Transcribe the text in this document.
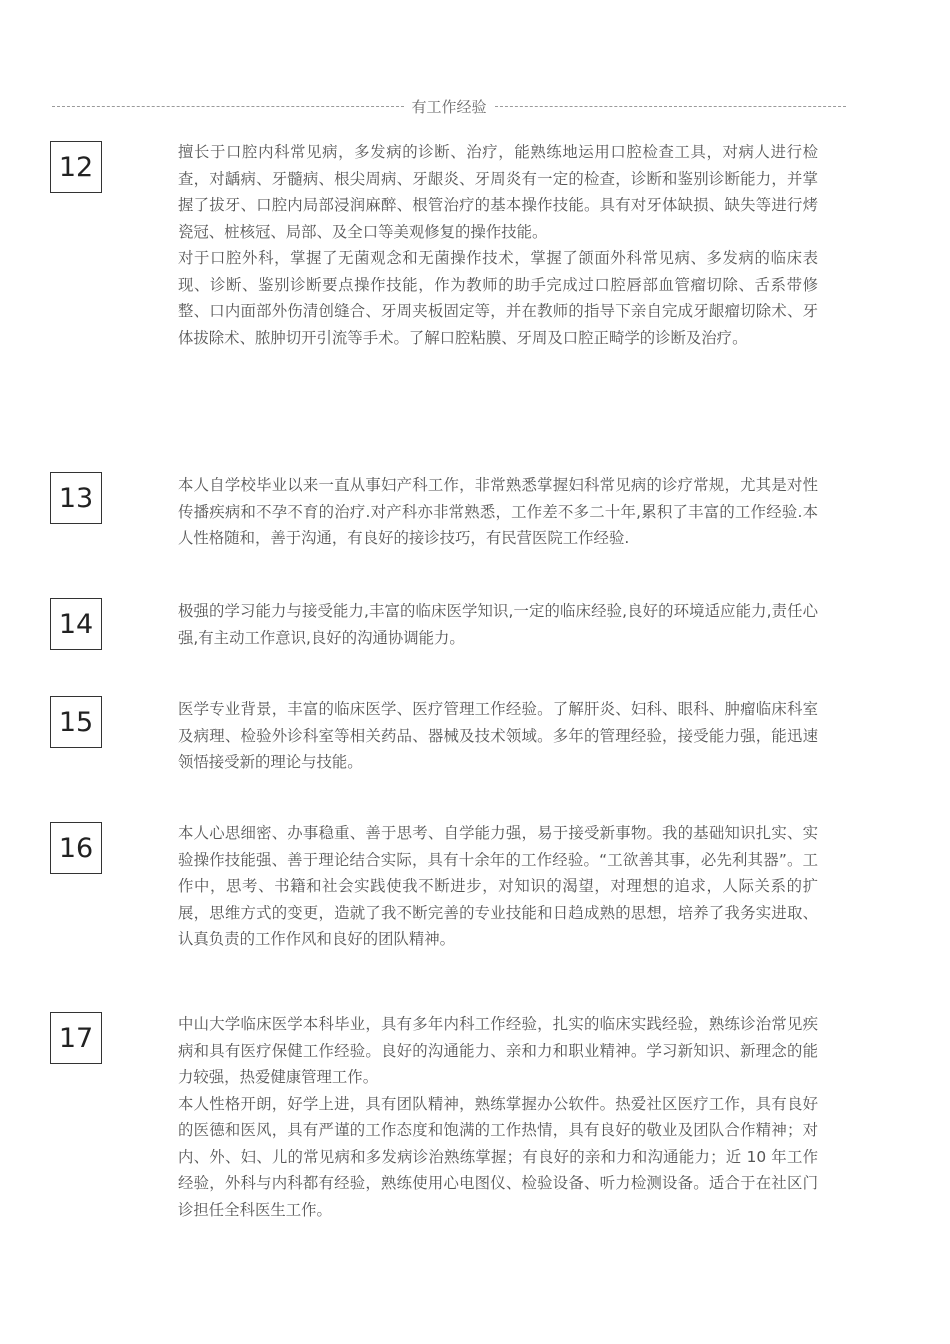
有工作经验
12	擅长于口腔内科常见病，多发病的诊断、治疗，能熟练地运用口腔检查工具，对病人进行检查，对龋病、牙髓病、根尖周病、牙龈炎、牙周炎有一定的检查，诊断和鉴别诊断能力，并掌握了拔牙、口腔内局部浸润麻醉、根管治疗的基本操作技能。具有对牙体缺损、缺失等进行烤瓷冠、桩核冠、局部、及全口等美观修复的操作技能。

对于口腔外科，掌握了无菌观念和无菌操作技术，掌握了颌面外科常见病、多发病的临床表现、诊断、鉴别诊断要点操作技能，作为教师的助手完成过口腔唇部血管瘤切除、舌系带修整、口内面部外伤清创缝合、牙周夹板固定等，并在教师的指导下亲自完成牙龈瘤切除术、牙体拔除术、脓肿切开引流等手术。了解口腔粘膜、牙周及口腔正畸学的诊断及治疗。

13	本人自学校毕业以来一直从事妇产科工作，非常熟悉掌握妇科常见病的诊疗常规，尤其是对性传播疾病和不孕不育的治疗.对产科亦非常熟悉，工作差不多二十年,累积了丰富的工作经验.本人性格随和，善于沟通，有良好的接诊技巧，有民营医院工作经验.

14	极强的学习能力与接受能力,丰富的临床医学知识,一定的临床经验,良好的环境适应能力,责任心强,有主动工作意识,良好的沟通协调能力。

15	医学专业背景，丰富的临床医学、医疗管理工作经验。了解肝炎、妇科、眼科、肿瘤临床科室及病理、检验外诊科室等相关药品、器械及技术领域。多年的管理经验，接受能力强，能迅速领悟接受新的理论与技能。

16	本人心思细密、办事稳重、善于思考、自学能力强，易于接受新事物。我的基础知识扎实、实验操作技能强、善于理论结合实际，具有十余年的工作经验。“工欲善其事，必先利其器”。工作中，思考、书籍和社会实践使我不断进步，对知识的渴望，对理想的追求，人际关系的扩展，思维方式的变更，造就了我不断完善的专业技能和日趋成熟的思想，培养了我务实进取、认真负责的工作作风和良好的团队精神。

17	中山大学临床医学本科毕业，具有多年内科工作经验，扎实的临床实践经验，熟练诊治常见疾病和具有医疗保健工作经验。良好的沟通能力、亲和力和职业精神。学习新知识、新理念的能力较强，热爱健康管理工作。

本人性格开朗，好学上进，具有团队精神，熟练掌握办公软件。热爱社区医疗工作，具有良好的医德和医风，具有严谨的工作态度和饱满的工作热情，具有良好的敬业及团队合作精神；对内、外、妇、儿的常见病和多发病诊治熟练掌握；有良好的亲和力和沟通能力；近 10 年工作经验，外科与内科都有经验，熟练使用心电图仪、检验设备、听力检测设备。适合于在社区门诊担任全科医生工作。
